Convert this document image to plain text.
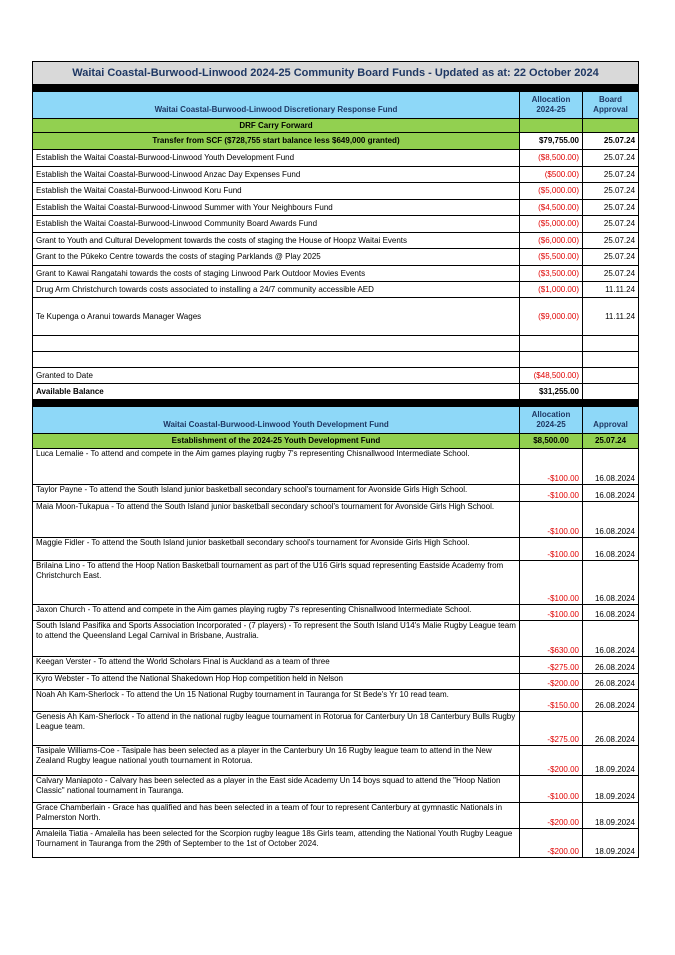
Waitai Coastal-Burwood-Linwood 2024-25 Community Board Funds - Updated as at: 22 October 2024		

Waitai Coastal-Burwood-Linwood Discretionary Response Fund	Allocation 2024-25	Board Approval
DRF Carry Forward		
Transfer from SCF ($728,755 start balance less $649,000 granted)	$79,755.00	25.07.24
Establish the Waitai Coastal-Burwood-Linwood Youth Development Fund	($8,500.00)	25.07.24
Establish the Waitai Coastal-Burwood-Linwood Anzac Day Expenses Fund	($500.00)	25.07.24
Establish the Waitai Coastal-Burwood-Linwood Koru Fund	($5,000.00)	25.07.24
Establish the Waitai Coastal-Burwood-Linwood Summer with Your Neighbours Fund	($4,500.00)	25.07.24
Establish the Waitai Coastal-Burwood-Linwood Community Board Awards Fund	($5,000.00)	25.07.24
Grant to Youth and Cultural Development towards the costs of staging the House of Hoopz Waitai Events	($6,000.00)	25.07.24
Grant to the Pūkeko Centre towards the costs of staging Parklands @ Play 2025	($5,500.00)	25.07.24
Grant to Kawai Rangatahi towards the costs of staging Linwood Park Outdoor Movies Events	($3,500.00)	25.07.24
Drug Arm Christchurch towards costs associated to installing a 24/7 community accessible AED	($1,000.00)	11.11.24
Te Kupenga o Aranui towards Manager Wages	($9,000.00)	11.11.24

Granted to Date	($48,500.00)	
Available Balance	$31,255.00	

Waitai Coastal-Burwood-Linwood Youth Development Fund	Allocation 2024-25	Approval
Establishment of the 2024-25 Youth Development Fund	$8,500.00	25.07.24
Luca Lemalie - To attend and compete in the Aim games playing rugby 7's representing Chisnallwood Intermediate School.	-$100.00	16.08.2024
Taylor Payne - To attend the South Island junior basketball secondary school's tournament for Avonside Girls High School.	-$100.00	16.08.2024
Maia Moon-Tukapua - To attend the South Island junior basketball secondary school's tournament for Avonside Girls High School.	-$100.00	16.08.2024
Maggie Fidler - To attend the South Island junior basketball secondary school's tournament for Avonside Girls High School.	-$100.00	16.08.2024
Brilaina Lino - To attend the Hoop Nation Basketball tournament as part of the U16 Girls squad representing Eastside Academy from Christchurch East.	-$100.00	16.08.2024
Jaxon Church - To attend and compete in the Aim games playing rugby 7's representing Chisnallwood Intermediate School.	-$100.00	16.08.2024
South Island Pasifika and Sports Association Incorporated - (7 players) - To represent the South Island U14's Malie Rugby League team to attend the Queensland Legal Carnival in Brisbane, Australia.	-$630.00	16.08.2024
Keegan Verster - To attend the World Scholars Final is Auckland as a team of three	-$275.00	26.08.2024
Kyro Webster - To attend the National Shakedown Hop Hop competition held in Nelson	-$200.00	26.08.2024
Noah Ah Kam-Sherlock - To attend the Un 15 National Rugby tournament in Tauranga for St Bede's Yr 10 read team.	-$150.00	26.08.2024
Genesis Ah Kam-Sherlock - To attend in the national rugby league tournament in Rotorua for Canterbury Un 18 Canterbury Bulls Rugby League team.	-$275.00	26.08.2024
Tasipale Williams-Coe - Tasipale has been selected as a player in the Canterbury Un 16 Rugby league team to attend in the New Zealand Rugby league national youth tournament in Rotorua.	-$200.00	18.09.2024
Calvary Maniapoto - Calvary has been selected as a player in the East side Academy Un 14 boys squad to attend the "Hoop Nation Classic" national tournament in Tauranga.	-$100.00	18.09.2024
Grace Chamberlain - Grace has qualified and has been selected in a team of four to represent Canterbury at gymnastic Nationals in Palmerston North.	-$200.00	18.09.2024
Amaleila Tiatia - Amaleila has been selected for the Scorpion rugby league 18s Girls team, attending the National Youth Rugby League Tournament in Tauranga from the 29th of September to the 1st of October 2024.	-$200.00	18.09.2024
